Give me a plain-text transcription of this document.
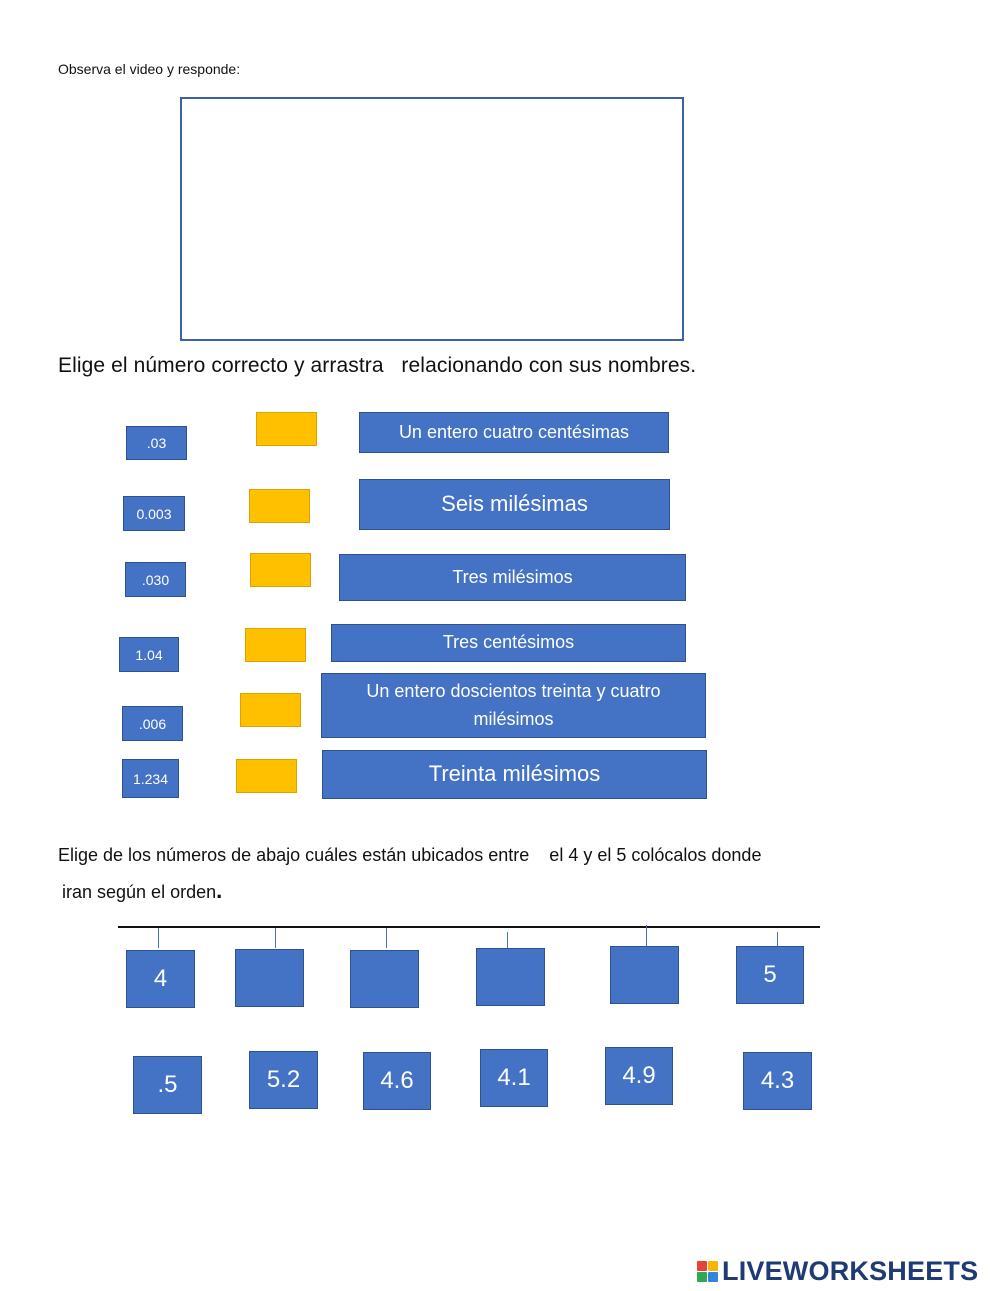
Observa el video y responde:
Elige el número correcto y arrastra   relacionando con sus nombres.
.03
0.003
.030
1.04
.006
1.234
Un entero cuatro centésimas
Seis milésimas
Tres milésimos
Tres centésimos
Un entero doscientos treinta y cuatro milésimos
Treinta milésimos
Elige de los números de abajo cuáles están ubicados entre    el 4 y el 5 colócalos donde
iran según el orden.
4	5
.5	5.2	4.6	4.1	4.9	4.3
LIVEWORKSHEETS
